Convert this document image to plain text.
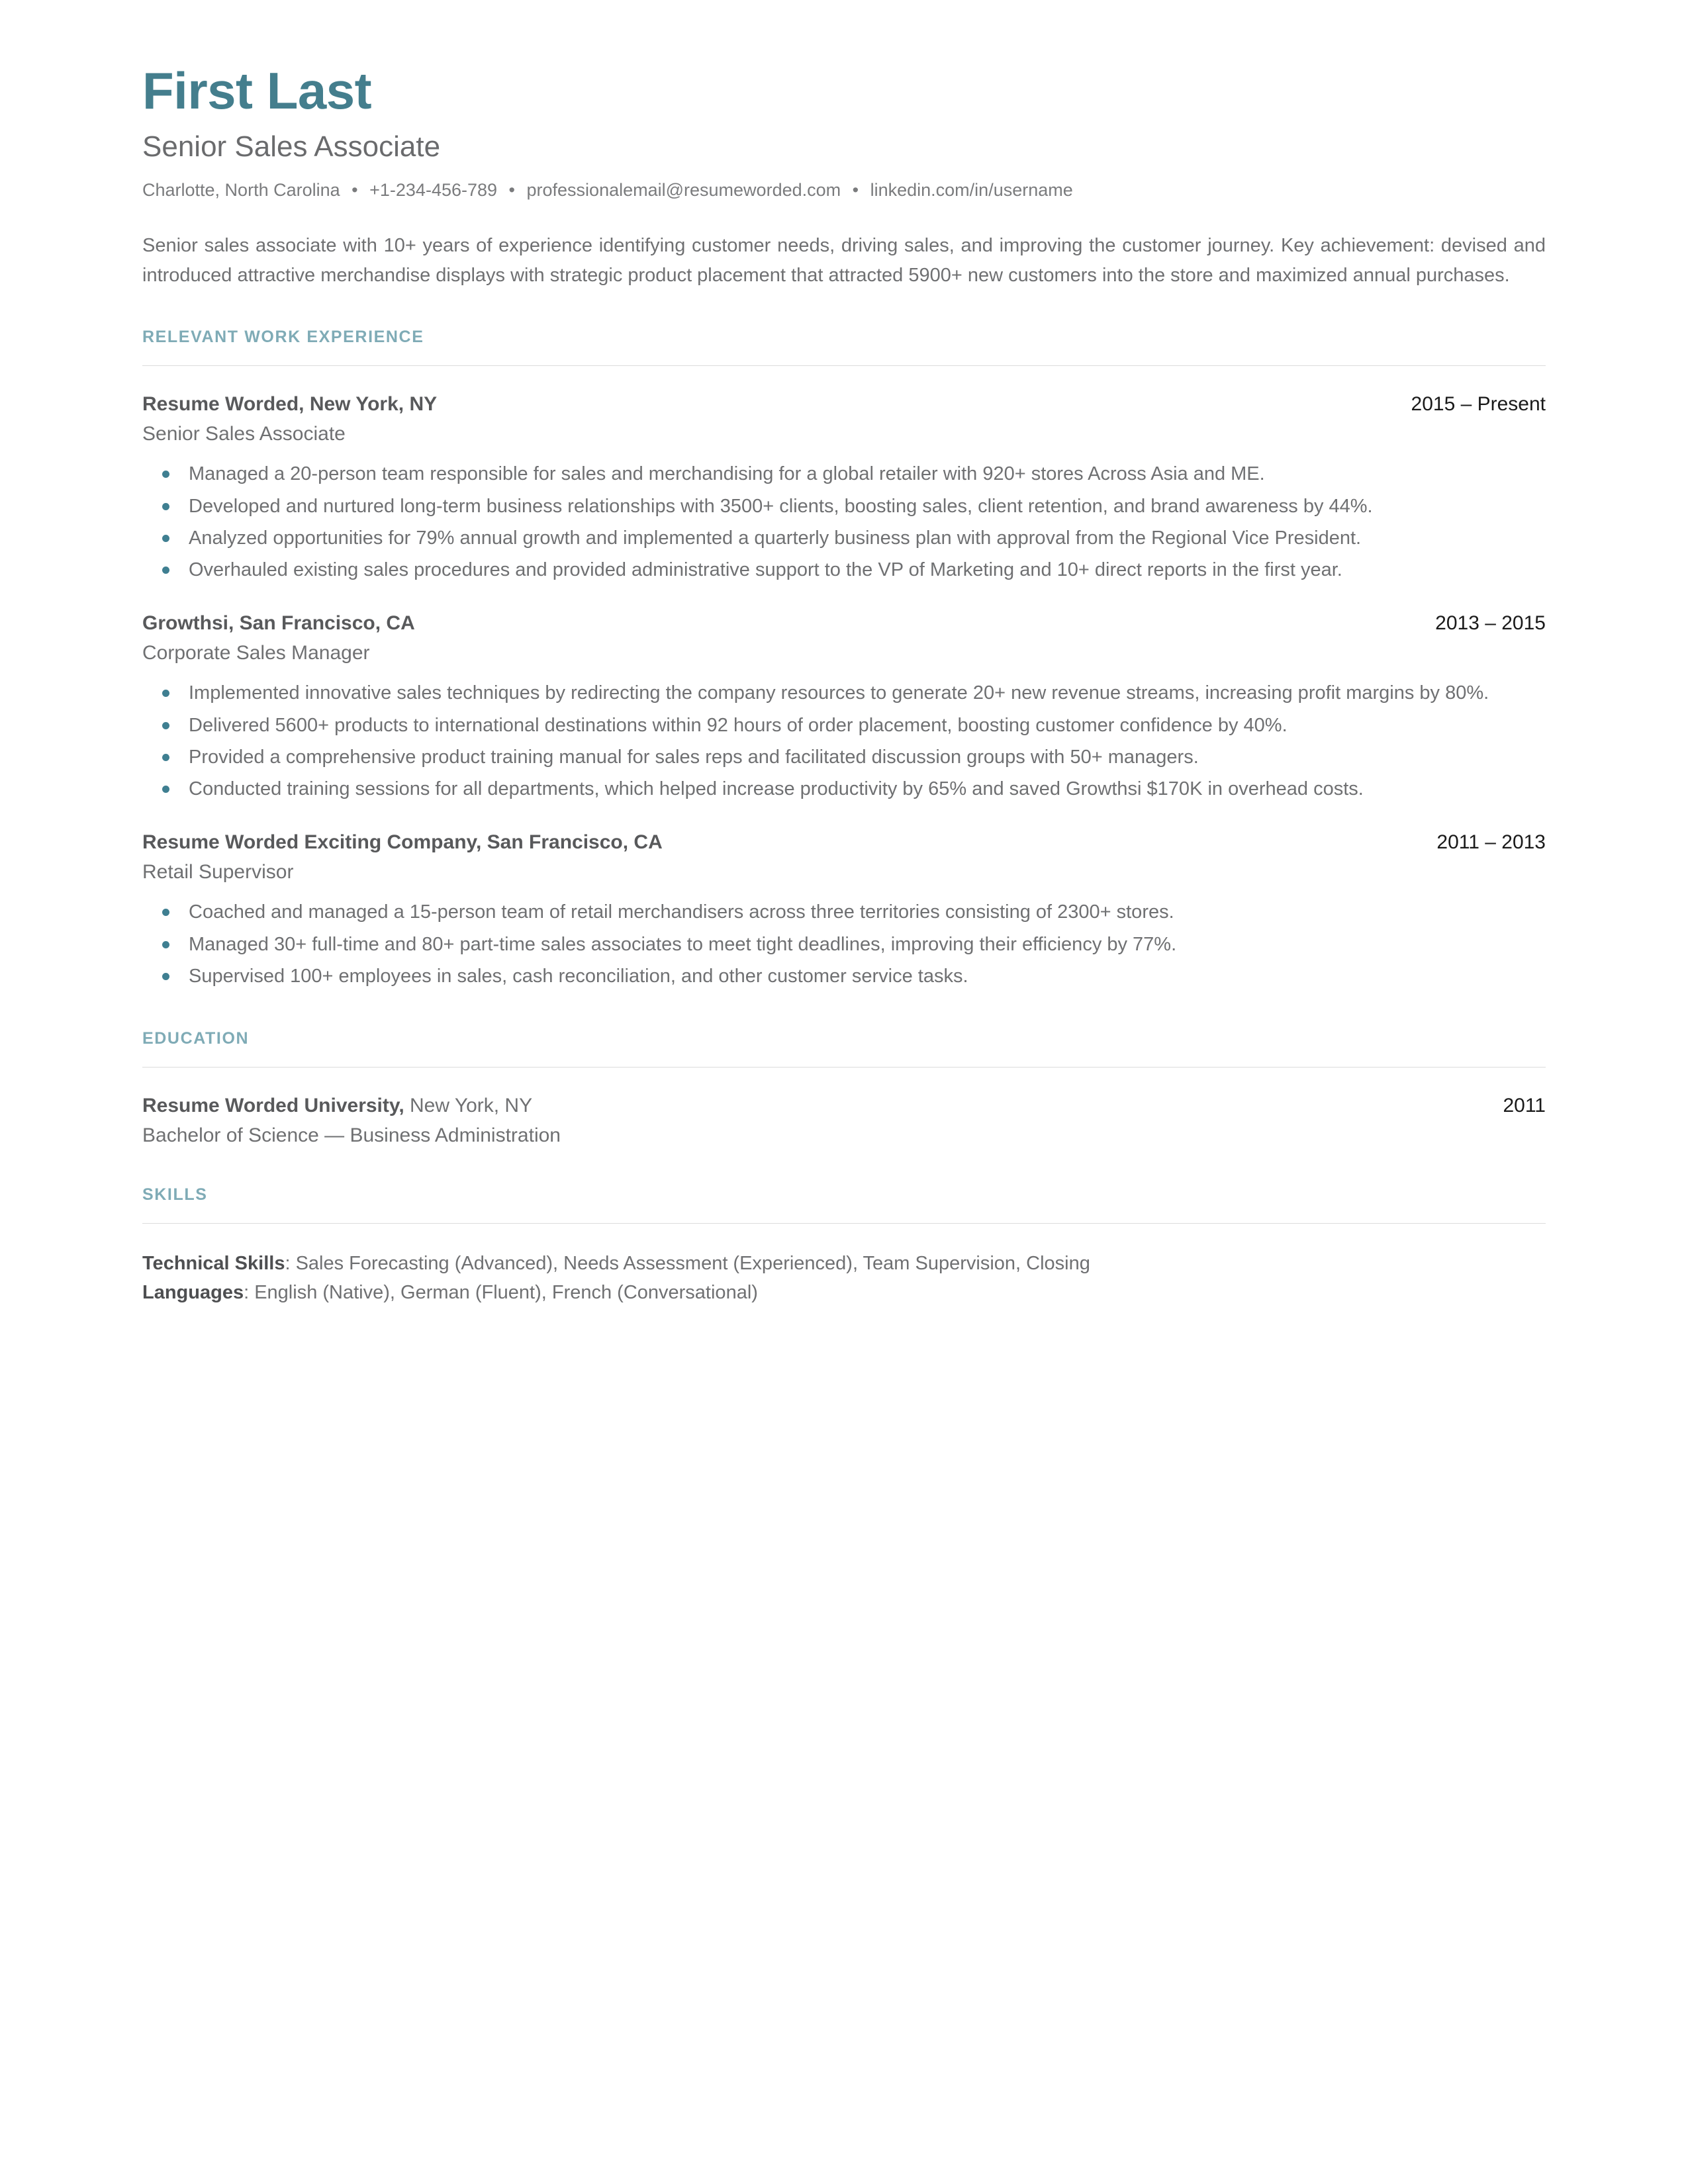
First Last
Senior Sales Associate
Charlotte, North Carolina • +1-234-456-789 • professionalemail@resumeworded.com • linkedin.com/in/username

Senior sales associate with 10+ years of experience identifying customer needs, driving sales, and improving the customer journey. Key achievement: devised and introduced attractive merchandise displays with strategic product placement that attracted 5900+ new customers into the store and maximized annual purchases.

RELEVANT WORK EXPERIENCE
Resume Worded, New York, NY	2015 – Present
Senior Sales Associate
Managed a 20-person team responsible for sales and merchandising for a global retailer with 920+ stores Across Asia and ME.
Developed and nurtured long-term business relationships with 3500+ clients, boosting sales, client retention, and brand awareness by 44%.
Analyzed opportunities for 79% annual growth and implemented a quarterly business plan with approval from the Regional Vice President.
Overhauled existing sales procedures and provided administrative support to the VP of Marketing and 10+ direct reports in the first year.
Growthsi, San Francisco, CA	2013 – 2015
Corporate Sales Manager
Implemented innovative sales techniques by redirecting the company resources to generate 20+ new revenue streams, increasing profit margins by 80%.
Delivered 5600+ products to international destinations within 92 hours of order placement, boosting customer confidence by 40%.
Provided a comprehensive product training manual for sales reps and facilitated discussion groups with 50+ managers.
Conducted training sessions for all departments, which helped increase productivity by 65% and saved Growthsi $170K in overhead costs.
Resume Worded Exciting Company, San Francisco, CA	2011 – 2013
Retail Supervisor
Coached and managed a 15-person team of retail merchandisers across three territories consisting of 2300+ stores.
Managed 30+ full-time and 80+ part-time sales associates to meet tight deadlines, improving their efficiency by 77%.
Supervised 100+ employees in sales, cash reconciliation, and other customer service tasks.
EDUCATION
Resume Worded University, New York, NY	2011
Bachelor of Science — Business Administration
SKILLS
Technical Skills: Sales Forecasting (Advanced), Needs Assessment (Experienced), Team Supervision, Closing
Languages: English (Native), German (Fluent), French (Conversational)
